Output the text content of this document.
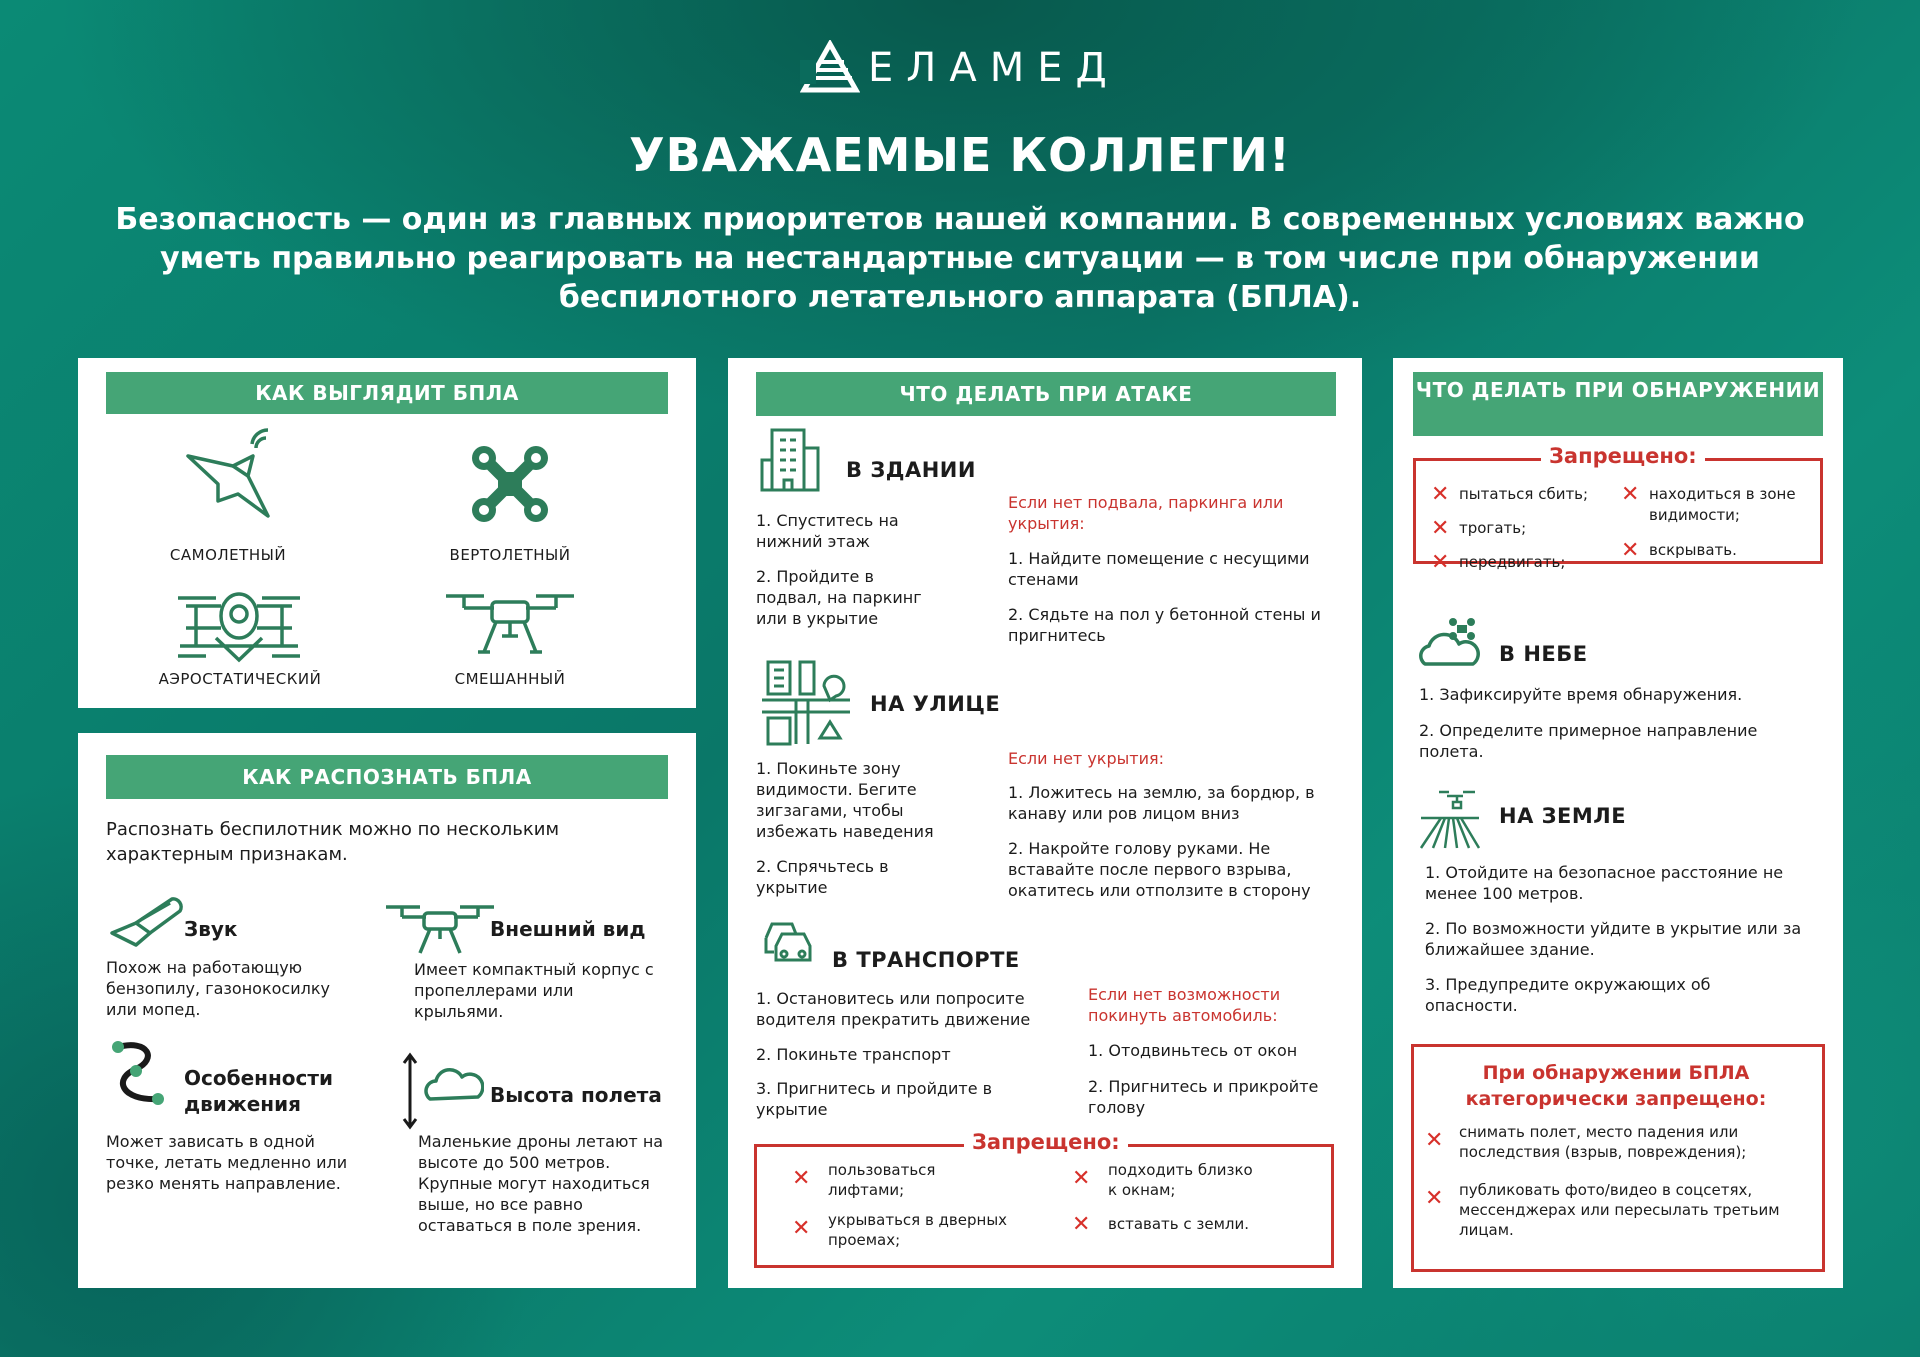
ЕЛАМЕД
УВАЖАЕМЫЕ КОЛЛЕГИ!
Безопасность — один из главных приоритетов нашей компании. В современных условиях важно уметь правильно реагировать на нестандартные ситуации — в том числе при обнаружении беспилотного летательного аппарата (БПЛА).
КАК ВЫГЛЯДИТ БПЛА
САМОЛЕТНЫЙ	ВЕРТОЛЕТНЫЙ
АЭРОСТАТИЧЕСКИЙ	СМЕШАННЫЙ
КАК РАСПОЗНАТЬ БПЛА
Распознать беспилотник можно по нескольким характерным признакам.
Звук
Похож на работающую бензопилу, газонокосилку или мопед.
Внешний вид
Имеет компактный корпус с пропеллерами или крыльями.
Особенности движения
Может зависать в одной точке, летать медленно или резко менять направление.
Высота полета
Маленькие дроны летают на высоте до 500 метров. Крупные могут находиться выше, но все равно оставаться в поле зрения.
ЧТО ДЕЛАТЬ ПРИ АТАКЕ
В ЗДАНИИ
1. Спуститесь на нижний этаж
2. Пройдите в подвал, на паркинг или в укрытие
Если нет подвала, паркинга или укрытия:
1. Найдите помещение с несущими стенами
2. Сядьте на пол у бетонной стены и пригнитесь
НА УЛИЦЕ
1. Покиньте зону видимости. Бегите зигзагами, чтобы избежать наведения
2. Спрячьтесь в укрытие
Если нет укрытия:
1. Ложитесь на землю, за бордюр, в канаву или ров лицом вниз
2. Накройте голову руками. Не вставайте после первого взрыва, окатитесь или отползите в сторону
В ТРАНСПОРТЕ
1. Остановитесь или попросите водителя прекратить движение
2. Покиньте транспорт
3. Пригнитесь и пройдите в укрытие
Если нет возможности покинуть автомобиль:
1. Отодвиньтесь от окон
2. Пригнитесь и прикройте голову
Запрещено:
✕ пользоваться лифтами;
✕ укрываться в дверных проемах;
✕ подходить близко к окнам;
✕ вставать с земли.
ЧТО ДЕЛАТЬ ПРИ ОБНАРУЖЕНИИ
Запрещено:
✕ пытаться сбить;
✕ трогать;
✕ передвигать;
✕ находиться в зоне видимости;
✕ вскрывать.
В НЕБЕ
1. Зафиксируйте время обнаружения.
2. Определите примерное направление полета.
НА ЗЕМЛЕ
1. Отойдите на безопасное расстояние не менее 100 метров.
2. По возможности уйдите в укрытие или за ближайшее здание.
3. Предупредите окружающих об опасности.
При обнаружении БПЛА категорически запрещено:
✕ снимать полет, место падения или последствия (взрыв, повреждения);
✕ публиковать фото/видео в соцсетях, мессенджерах или пересылать третьим лицам.
